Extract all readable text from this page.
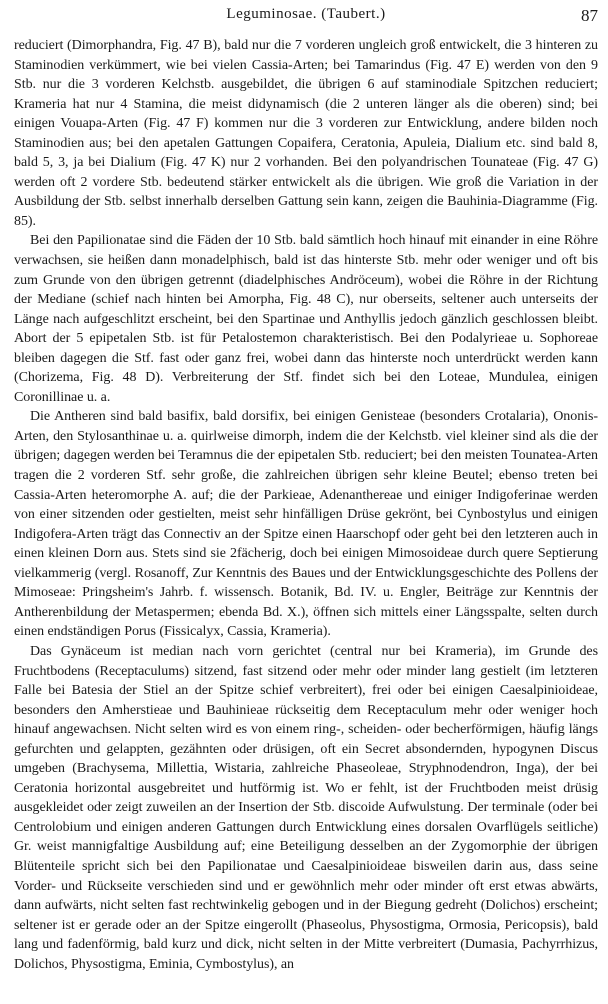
Leguminosae. (Taubert.)	87

reduciert (Dimorphandra, Fig. 47 B), bald nur die 7 vorderen ungleich groß entwickelt, die 3 hinteren zu Staminodien verkümmert, wie bei vielen Cassia-Arten; bei Tamarindus (Fig. 47 E) werden von den 9 Stb. nur die 3 vorderen Kelchstb. ausgebildet, die übrigen 6 auf staminodiale Spitzchen reduciert; Krameria hat nur 4 Stamina, die meist didynamisch (die 2 unteren länger als die oberen) sind; bei einigen Vouapa-Arten (Fig. 47 F) kommen nur die 3 vorderen zur Entwicklung, andere bilden noch Staminodien aus; bei den apetalen Gattungen Copaifera, Ceratonia, Apuleia, Dialium etc. sind bald 8, bald 5, 3, ja bei Dialium (Fig. 47 K) nur 2 vorhanden. Bei den polyandrischen Tounateae (Fig. 47 G) werden oft 2 vordere Stb. bedeutend stärker entwickelt als die übrigen. Wie groß die Variation in der Ausbildung der Stb. selbst innerhalb derselben Gattung sein kann, zeigen die Bauhinia-Diagramme (Fig. 85).

Bei den Papilionatae sind die Fäden der 10 Stb. bald sämtlich hoch hinauf mit einander in eine Röhre verwachsen, sie heißen dann monadelphisch, bald ist das hinterste Stb. mehr oder weniger und oft bis zum Grunde von den übrigen getrennt (diadelphisches Andröceum), wobei die Röhre in der Richtung der Mediane (schief nach hinten bei Amorpha, Fig. 48 C), nur oberseits, seltener auch unterseits der Länge nach aufgeschlitzt erscheint, bei den Spartinae und Anthyllis jedoch gänzlich geschlossen bleibt. Abort der 5 epipetalen Stb. ist für Petalostemon charakteristisch. Bei den Podalyrieae u. Sophoreae bleiben dagegen die Stf. fast oder ganz frei, wobei dann das hinterste noch unterdrückt werden kann (Chorizema, Fig. 48 D). Verbreiterung der Stf. findet sich bei den Loteae, Mundulea, einigen Coronillinae u. a.

Die Antheren sind bald basifix, bald dorsifix, bei einigen Genisteae (besonders Crotalaria), Ononis-Arten, den Stylosanthinae u. a. quirlweise dimorph, indem die der Kelchstb. viel kleiner sind als die der übrigen; dagegen werden bei Teramnus die der epipetalen Stb. reduciert; bei den meisten Tounatea-Arten tragen die 2 vorderen Stf. sehr große, die zahlreichen übrigen sehr kleine Beutel; ebenso treten bei Cassia-Arten heteromorphe A. auf; die der Parkieae, Adenanthereae und einiger Indigoferinae werden von einer sitzenden oder gestielten, meist sehr hinfälligen Drüse gekrönt, bei Cynbostylus und einigen Indigofera-Arten trägt das Connectiv an der Spitze einen Haarschopf oder geht bei den letzteren auch in einen kleinen Dorn aus. Stets sind sie 2fächerig, doch bei einigen Mimosoideae durch quere Septierung vielkammerig (vergl. Rosanoff, Zur Kenntnis des Baues und der Entwicklungsgeschichte des Pollens der Mimoseae: Pringsheim's Jahrb. f. wissensch. Botanik, Bd. IV. u. Engler, Beiträge zur Kenntnis der Antherenbildung der Metaspermen; ebenda Bd. X.), öffnen sich mittels einer Längsspalte, selten durch einen endständigen Porus (Fissicalyx, Cassia, Krameria).

Das Gynäceum ist median nach vorn gerichtet (central nur bei Krameria), im Grunde des Fruchtbodens (Receptaculums) sitzend, fast sitzend oder mehr oder minder lang gestielt (im letzteren Falle bei Batesia der Stiel an der Spitze schief verbreitert), frei oder bei einigen Caesalpinioideae, besonders den Amherstieae und Bauhinieae rückseitig dem Receptaculum mehr oder weniger hoch hinauf angewachsen. Nicht selten wird es von einem ring-, scheiden- oder becherförmigen, häufig längs gefurchten und gelappten, gezähnten oder drüsigen, oft ein Secret absondernden, hypogynen Discus umgeben (Brachysema, Millettia, Wistaria, zahlreiche Phaseoleae, Stryphnodendron, Inga), der bei Ceratonia horizontal ausgebreitet und hutförmig ist. Wo er fehlt, ist der Fruchtboden meist drüsig ausgekleidet oder zeigt zuweilen an der Insertion der Stb. discoide Aufwulstung. Der terminale (oder bei Centrolobium und einigen anderen Gattungen durch Entwicklung eines dorsalen Ovarflügels seitliche) Gr. weist mannigfaltige Ausbildung auf; eine Beteiligung desselben an der Zygomorphie der übrigen Blütenteile spricht sich bei den Papilionatae und Caesalpinioideae bisweilen darin aus, dass seine Vorder- und Rückseite verschieden sind und er gewöhnlich mehr oder minder oft erst etwas abwärts, dann aufwärts, nicht selten fast rechtwinkelig gebogen und in der Biegung gedreht (Dolichos) erscheint; seltener ist er gerade oder an der Spitze eingerollt (Phaseolus, Physostigma, Ormosia, Pericopsis), bald lang und fadenförmig, bald kurz und dick, nicht selten in der Mitte verbreitert (Dumasia, Pachyrrhizus, Dolichos, Physostigma, Eminia, Cymbostylus), an
